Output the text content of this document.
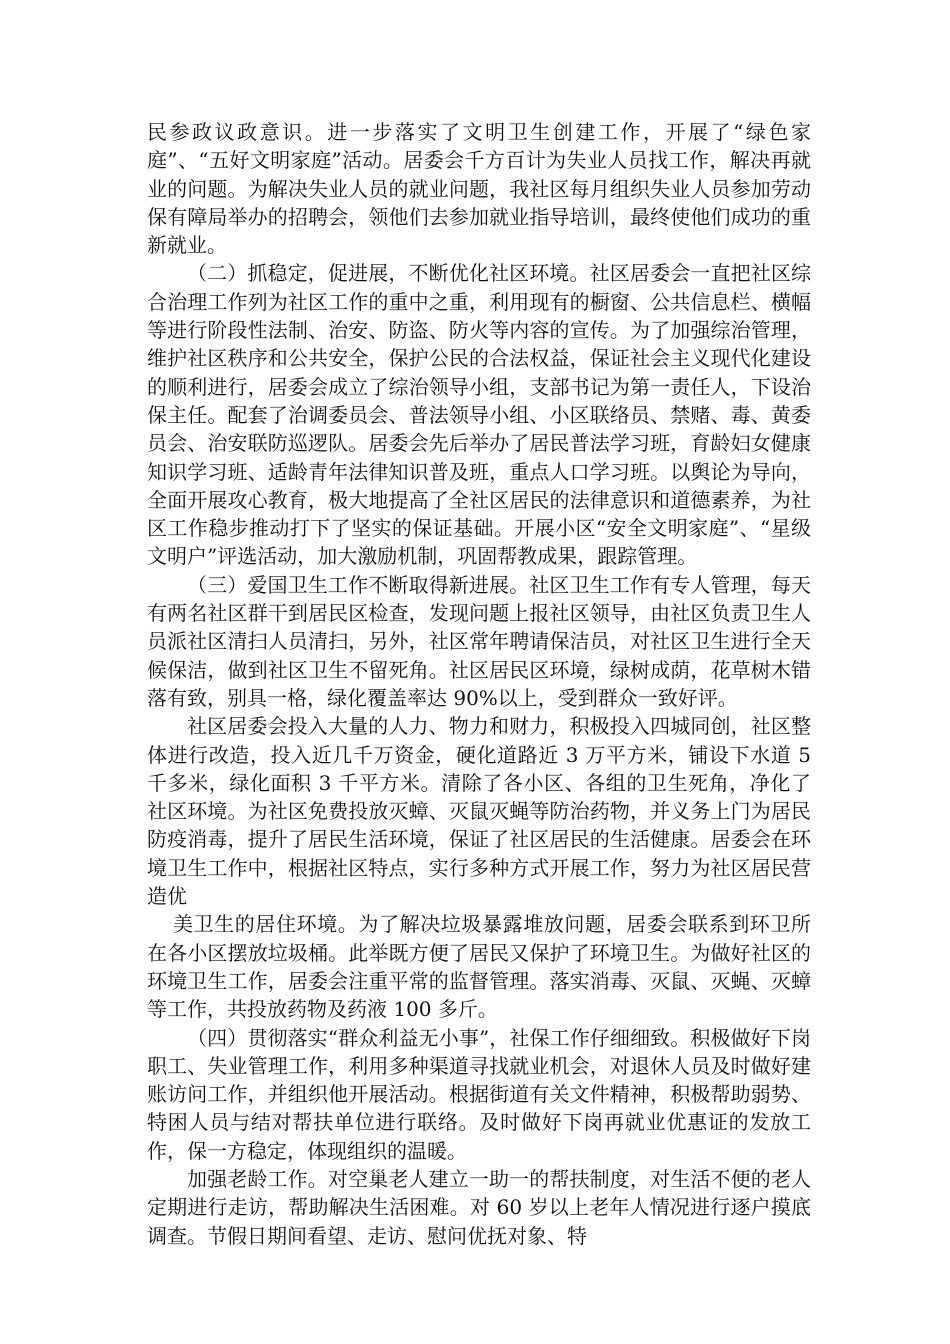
民参政议政意识。进一步落实了文明卫生创建工作，开展了“绿色家庭”、“五好文明家庭”活动。居委会千方百计为失业人员找工作，解决再就业的问题。为解决失业人员的就业问题，我社区每月组织失业人员参加劳动保有障局举办的招聘会，领他们去参加就业指导培训，最终使他们成功的重新就业。

（二）抓稳定，促进展，不断优化社区环境。社区居委会一直把社区综合治理工作列为社区工作的重中之重，利用现有的橱窗、公共信息栏、横幅等进行阶段性法制、治安、防盗、防火等内容的宣传。为了加强综治管理，维护社区秩序和公共安全，保护公民的合法权益，保证社会主义现代化建设的顺利进行，居委会成立了综治领导小组，支部书记为第一责任人，下设治保主任。配套了治调委员会、普法领导小组、小区联络员、禁赌、毒、黄委员会、治安联防巡逻队。居委会先后举办了居民普法学习班，育龄妇女健康知识学习班、适龄青年法律知识普及班，重点人口学习班。以舆论为导向，全面开展攻心教育，极大地提高了全社区居民的法律意识和道德素养，为社区工作稳步推动打下了坚实的保证基础。开展小区“安全文明家庭”、“星级文明户”评选活动，加大激励机制，巩固帮教成果，跟踪管理。

（三）爱国卫生工作不断取得新进展。社区卫生工作有专人管理，每天有两名社区群干到居民区检查，发现问题上报社区领导，由社区负责卫生人员派社区清扫人员清扫，另外，社区常年聘请保洁员，对社区卫生进行全天候保洁，做到社区卫生不留死角。社区居民区环境，绿树成荫，花草树木错落有致，别具一格，绿化覆盖率达 90%以上，受到群众一致好评。

社区居委会投入大量的人力、物力和财力，积极投入四城同创，社区整体进行改造，投入近几千万资金，硬化道路近 3 万平方米，铺设下水道 5 千多米，绿化面积 3 千平方米。清除了各小区、各组的卫生死角，净化了社区环境。为社区免费投放灭蟑、灭鼠灭蝇等防治药物，并义务上门为居民防疫消毒，提升了居民生活环境，保证了社区居民的生活健康。居委会在环境卫生工作中，根据社区特点，实行多种方式开展工作，努力为社区居民营造优

美卫生的居住环境。为了解决垃圾暴露堆放问题，居委会联系到环卫所在各小区摆放垃圾桶。此举既方便了居民又保护了环境卫生。为做好社区的环境卫生工作，居委会注重平常的监督管理。落实消毒、灭鼠、灭蝇、灭蟑等工作，共投放药物及药液 100 多斤。

（四）贯彻落实“群众利益无小事”，社保工作仔细细致。积极做好下岗职工、失业管理工作，利用多种渠道寻找就业机会，对退休人员及时做好建账访问工作，并组织他开展活动。根据街道有关文件精神，积极帮助弱势、特困人员与结对帮扶单位进行联络。及时做好下岗再就业优惠证的发放工作，保一方稳定，体现组织的温暖。

加强老龄工作。对空巢老人建立一助一的帮扶制度，对生活不便的老人定期进行走访，帮助解决生活困难。对 60 岁以上老年人情况进行逐户摸底调查。节假日期间看望、走访、慰问优抚对象、特
